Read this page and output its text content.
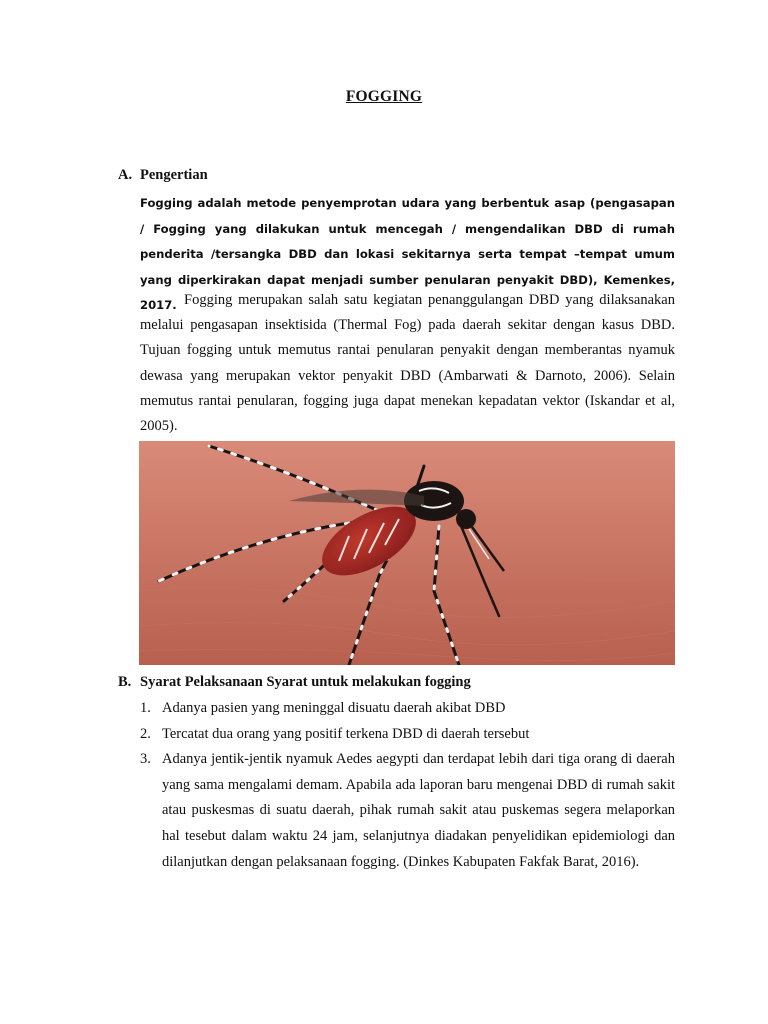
FOGGING
A. Pengertian
Fogging adalah metode penyemprotan udara yang berbentuk asap (pengasapan / Fogging yang dilakukan untuk mencegah / mengendalikan DBD di rumah penderita /tersangka DBD dan lokasi sekitarnya serta tempat –tempat umum yang diperkirakan dapat menjadi sumber penularan penyakit DBD), Kemenkes, 2017. Fogging merupakan salah satu kegiatan penanggulangan DBD yang dilaksanakan melalui pengasapan insektisida (Thermal Fog) pada daerah sekitar dengan kasus DBD. Tujuan fogging untuk memutus rantai penularan penyakit dengan memberantas nyamuk dewasa yang merupakan vektor penyakit DBD (Ambarwati & Darnoto, 2006). Selain memutus rantai penularan, fogging juga dapat menekan kepadatan vektor (Iskandar et al, 2005).
B. Syarat Pelaksanaan Syarat untuk melakukan fogging
1. Adanya pasien yang meninggal disuatu daerah akibat DBD
2. Tercatat dua orang yang positif terkena DBD di daerah tersebut
3. Adanya jentik-jentik nyamuk Aedes aegypti dan terdapat lebih dari tiga orang di daerah yang sama mengalami demam. Apabila ada laporan baru mengenai DBD di rumah sakit atau puskesmas di suatu daerah, pihak rumah sakit atau puskemas segera melaporkan hal tesebut dalam waktu 24 jam, selanjutnya diadakan penyelidikan epidemiologi dan dilanjutkan dengan pelaksanaan fogging. (Dinkes Kabupaten Fakfak Barat, 2016).
